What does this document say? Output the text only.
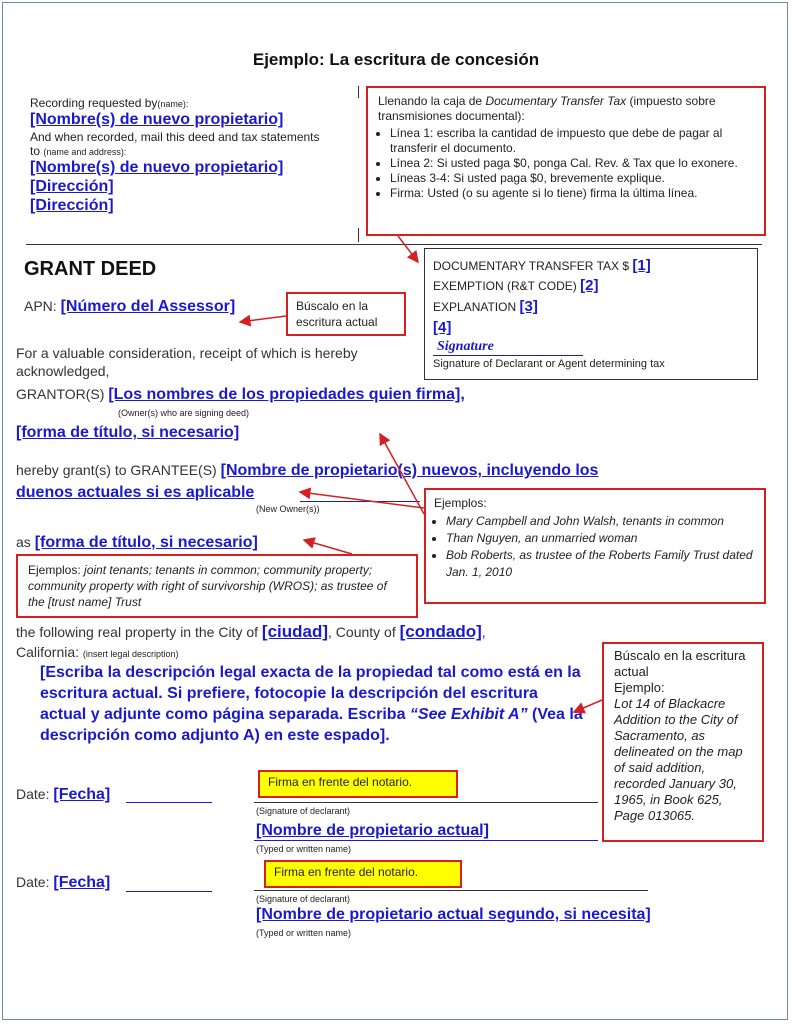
Ejemplo: La escritura de concesión
Recording requested by(name):
[Nombre(s) de nuevo propietario]
And when recorded, mail this deed and tax statements
to (name and address):
[Nombre(s) de nuevo propietario]
[Dirección]
[Dirección]
Llenando la caja de Documentary Transfer Tax (impuesto sobre transmisiones documental):
• Línea 1: escriba la cantidad de impuesto que debe de pagar al transferir el documento.
• Línea 2: Si usted paga $0, ponga Cal. Rev. & Tax que lo exonere.
• Líneas 3-4: Si usted paga $0, brevemente explique.
• Firma: Usted (o su agente si lo tiene) firma la última línea.
DOCUMENTARY TRANSFER TAX $ [1]
EXEMPTION (R&T CODE) [2]
EXPLANATION [3]
[4]
Signature
Signature of Declarant or Agent determining tax
GRANT DEED
APN: [Número del Assessor]	Búscalo en la escritura actual
For a valuable consideration, receipt of which is hereby acknowledged,
GRANTOR(S) [Los nombres de los propiedades quien firma],
(Owner(s) who are signing deed)
[forma de título, si necesario]
hereby grant(s) to GRANTEE(S) [Nombre de propietario(s) nuevos, incluyendo los
duenos actuales si es aplicable
(New Owner(s))	Ejemplos:
• Mary Campbell and John Walsh, tenants in common
• Than Nguyen, an unmarried woman
• Bob Roberts, as trustee of the Roberts Family Trust dated Jan. 1, 2010
as [forma de título, si necesario]
Ejemplos: joint tenants; tenants in common; community property; community property with right of survivorship (WROS); as trustee of the [trust name] Trust
the following real property in the City of [ciudad], County of [condado],
California: (insert legal description)
[Escriba la descripción legal exacta de la propiedad tal como está en la escritura actual. Si prefiere, fotocopie la descripción del escritura actual y adjunte como página separada. Escriba “See Exhibit A” (Vea la descripción como adjunto A) en este espado].
Búscalo en la escritura actual
Ejemplo:
Lot 14 of Blackacre Addition to the City of Sacramento, as delineated on the map of said addition, recorded January 30, 1965, in Book 625, Page 013065.
Date: [Fecha]
Firma en frente del notario.
(Signature of declarant)
[Nombre de propietario actual]
(Typed or written name)
Date: [Fecha]
Firma en frente del notario.
(Signature of declarant)
[Nombre de propietario actual segundo, si necesita]
(Typed or written name)
